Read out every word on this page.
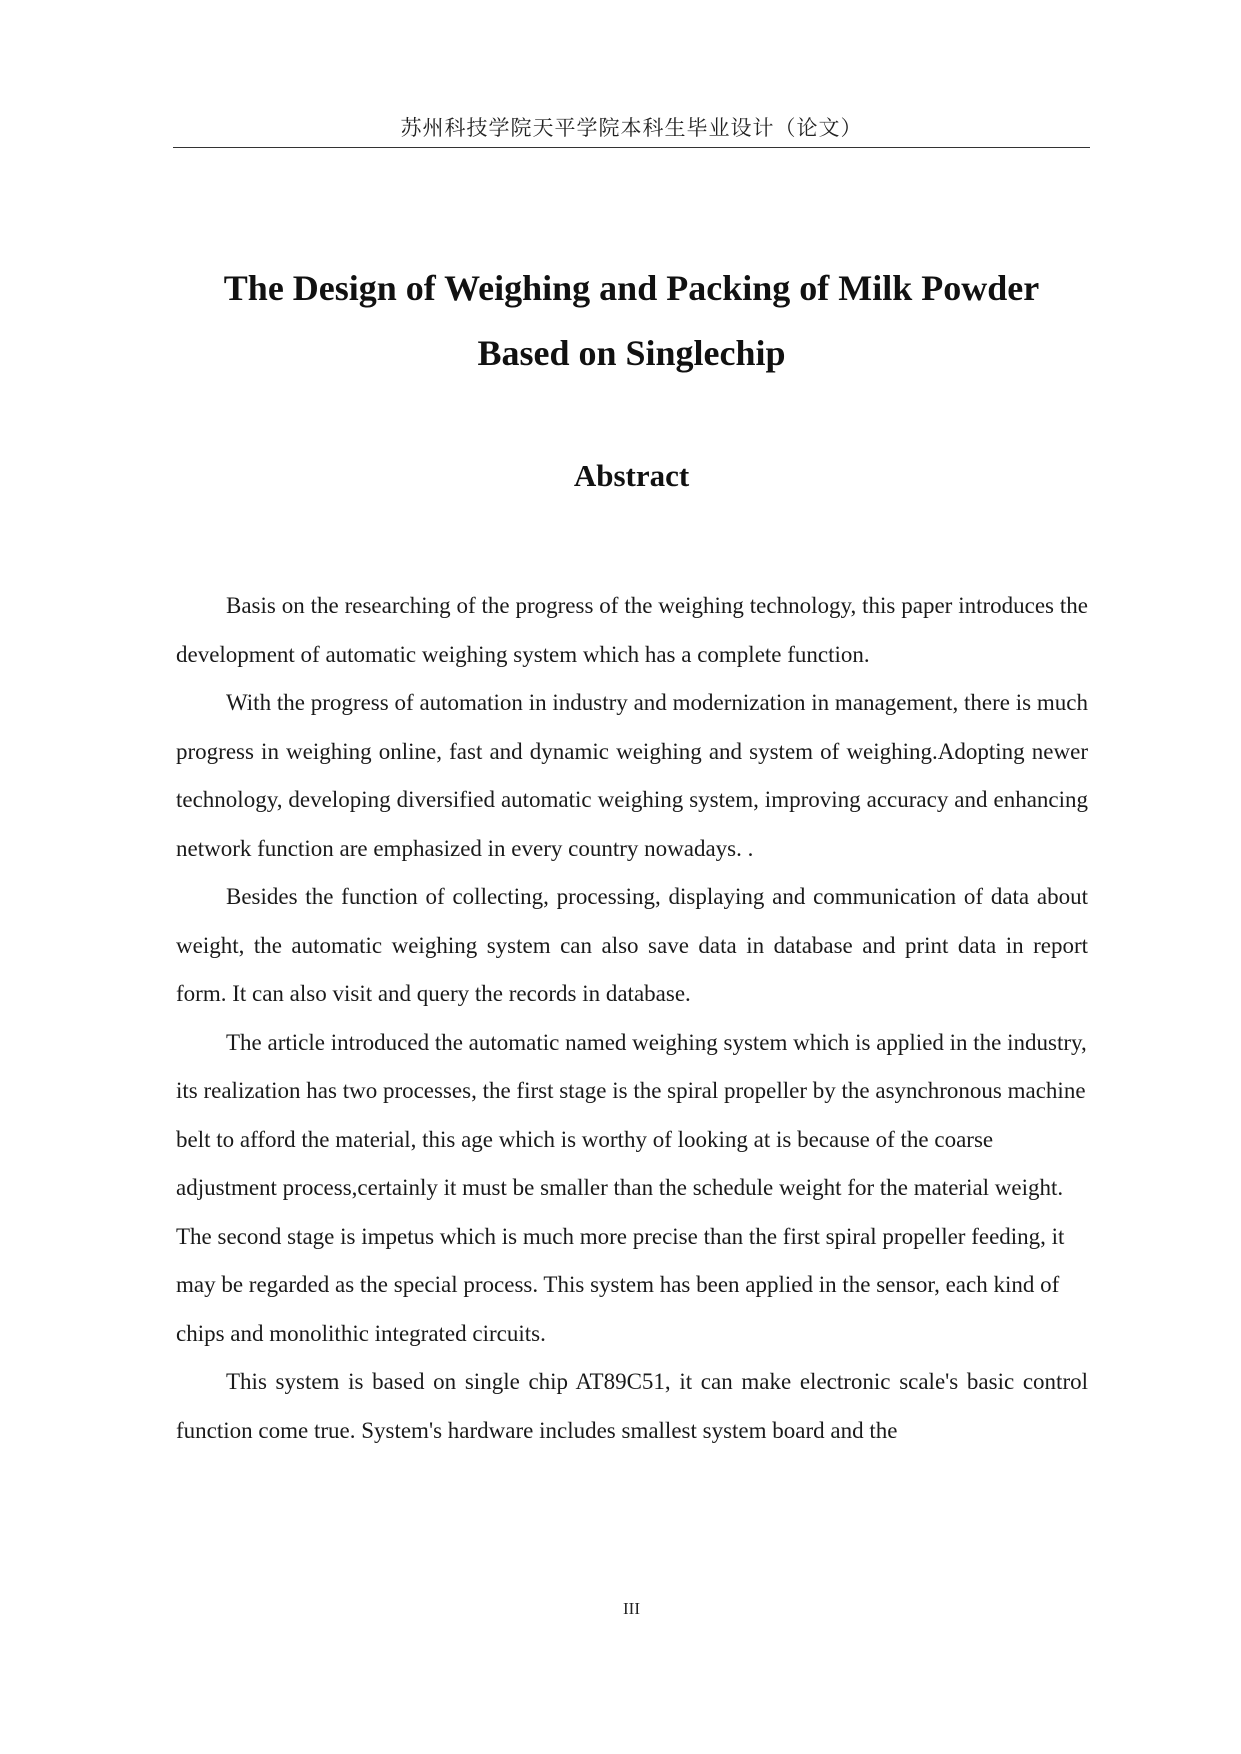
苏州科技学院天平学院本科生毕业设计（论文）
The Design of Weighing and Packing of Milk Powder
Based on Singlechip
Abstract

Basis on the researching of the progress of the weighing technology, this paper introduces the development of automatic weighing system which has a complete function.

With the progress of automation in industry and modernization in management, there is much progress in weighing online, fast and dynamic weighing and system of weighing.Adopting newer technology, developing diversified automatic weighing system, improving accuracy and enhancing network function are emphasized in every country nowadays. .

Besides the function of collecting, processing, displaying and communication of data about weight, the automatic weighing system can also save data in database and print data in report form. It can also visit and query the records in database.

The article introduced the automatic named weighing system which is applied in the industry, its realization has two processes, the first stage is the spiral propeller by the asynchronous machine belt to afford the material, this age which is worthy of looking at is because of the coarse adjustment process,certainly it must be smaller than the schedule weight for the material weight. The second stage is impetus which is much more precise than the first spiral propeller feeding, it may be regarded as the special process. This system has been applied in the sensor, each kind of chips and monolithic integrated circuits.

This system is based on single chip AT89C51, it can make electronic scale's basic control function come true. System's hardware includes smallest system board and the

III
